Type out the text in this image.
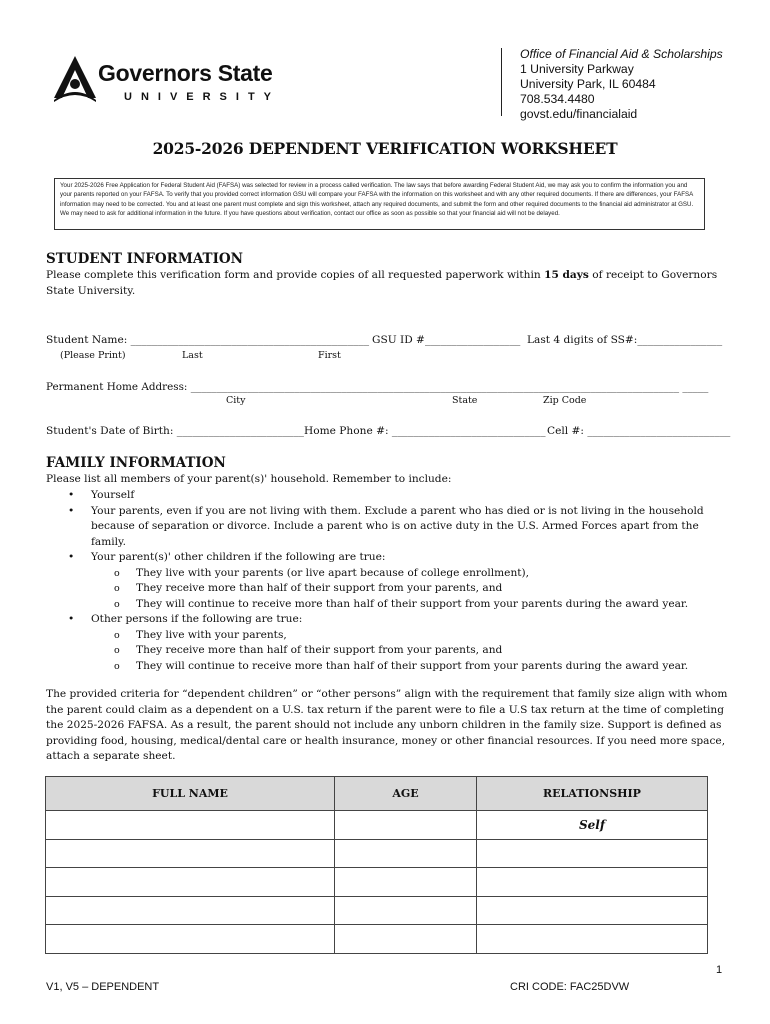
Governors State
UNIVERSITY
Office of Financial Aid & Scholarships
1 University Parkway
University Park, IL 60484
708.534.4480
govst.edu/financialaid
2025-2026 DEPENDENT VERIFICATION WORKSHEET
Your 2025-2026 Free Application for Federal Student Aid (FAFSA) was selected for review in a process called verification. The law says that before awarding Federal Student Aid, we may ask you to confirm the information you and your parents reported on your FAFSA. To verify that you provided correct information GSU will compare your FAFSA with the information on this worksheet and with any other required documents. If there are differences, your FAFSA information may need to be corrected. You and at least one parent must complete and sign this worksheet, attach any required documents, and submit the form and other required documents to the financial aid administrator at GSU. We may need to ask for additional information in the future. If you have questions about verification, contact our office as soon as possible so that your financial aid will not be delayed.
STUDENT INFORMATION
Please complete this verification form and provide copies of all requested paperwork within 15 days of receipt to Governors
State University.
Student Name: _____________________________________________ GSU ID #__________________ Last 4 digits of SS#:________________
(Please Print)	Last	First
Permanent Home Address: ______________________________________________________________________________________________ _____
City	State	Zip Code
Student's Date of Birth: ________________________ Home Phone #: _____________________________ Cell #: ___________________________
FAMILY INFORMATION
Please list all members of your parent(s)' household. Remember to include:
• Yourself
• Your parents, even if you are not living with them. Exclude a parent who has died or is not living in the household
because of separation or divorce. Include a parent who is on active duty in the U.S. Armed Forces apart from the
family.
• Your parent(s)' other children if the following are true:
o They live with your parents (or live apart because of college enrollment),
o They receive more than half of their support from your parents, and
o They will continue to receive more than half of their support from your parents during the award year.
• Other persons if the following are true:
o They live with your parents,
o They receive more than half of their support from your parents, and
o They will continue to receive more than half of their support from your parents during the award year.
The provided criteria for “dependent children” or “other persons” align with the requirement that family size align with whom
the parent could claim as a dependent on a U.S. tax return if the parent were to file a U.S tax return at the time of completing
the 2025-2026 FAFSA. As a result, the parent should not include any unborn children in the family size. Support is defined as
providing food, housing, medical/dental care or health insurance, money or other financial resources. If you need more space,
attach a separate sheet.
FULL NAME	AGE	RELATIONSHIP
		Self

1
V1, V5 – DEPENDENT	CRI CODE: FAC25DVW
